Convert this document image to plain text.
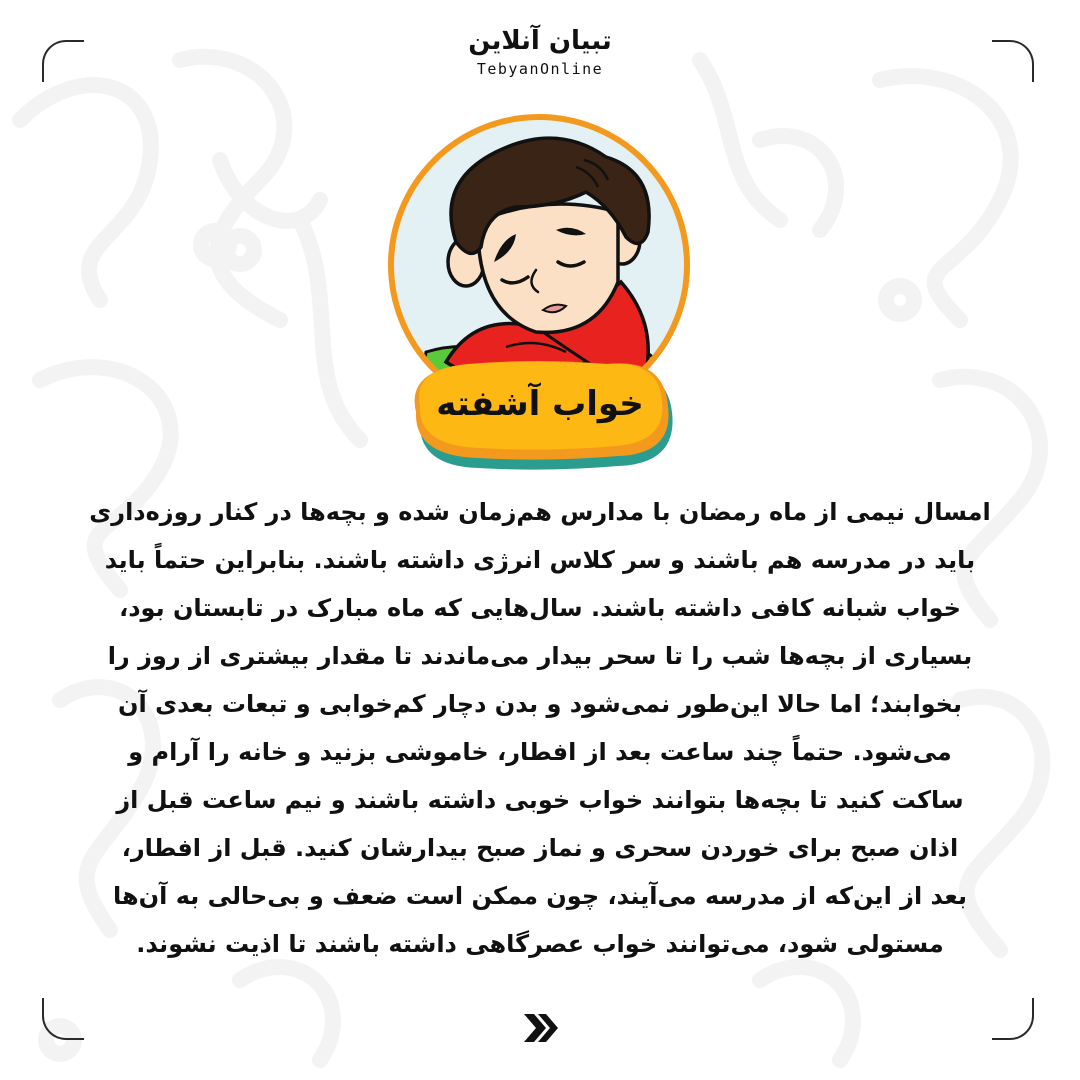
تبیان آنلاین
TebyanOnline
خواب آشفته
امسال نیمی از ماه رمضان با مدارس هم‌زمان شده و بچه‌ها در کنار روزه‌داری
باید در مدرسه هم باشند و سر کلاس انرژی داشته باشند. بنابراین حتماً باید
خواب شبانه کافی داشته باشند. سال‌هایی که ماه مبارک در تابستان بود،
بسیاری از بچه‌ها شب را تا سحر بیدار می‌ماندند تا مقدار بیشتری از روز را
بخوابند؛ اما حالا این‌طور نمی‌شود و بدن دچار کم‌خوابی و تبعات بعدی آن
می‌شود. حتماً چند ساعت بعد از افطار، خاموشی بزنید و خانه را آرام و
ساکت کنید تا بچه‌ها بتوانند خواب خوبی داشته باشند و نیم ساعت قبل از
اذان صبح برای خوردن سحری و نماز صبح بیدارشان کنید. قبل از افطار،
بعد از این‌که از مدرسه می‌آیند، چون ممکن است ضعف و بی‌حالی به آن‌ها
مستولی شود، می‌توانند خواب عصرگاهی داشته باشند تا اذیت نشوند.
